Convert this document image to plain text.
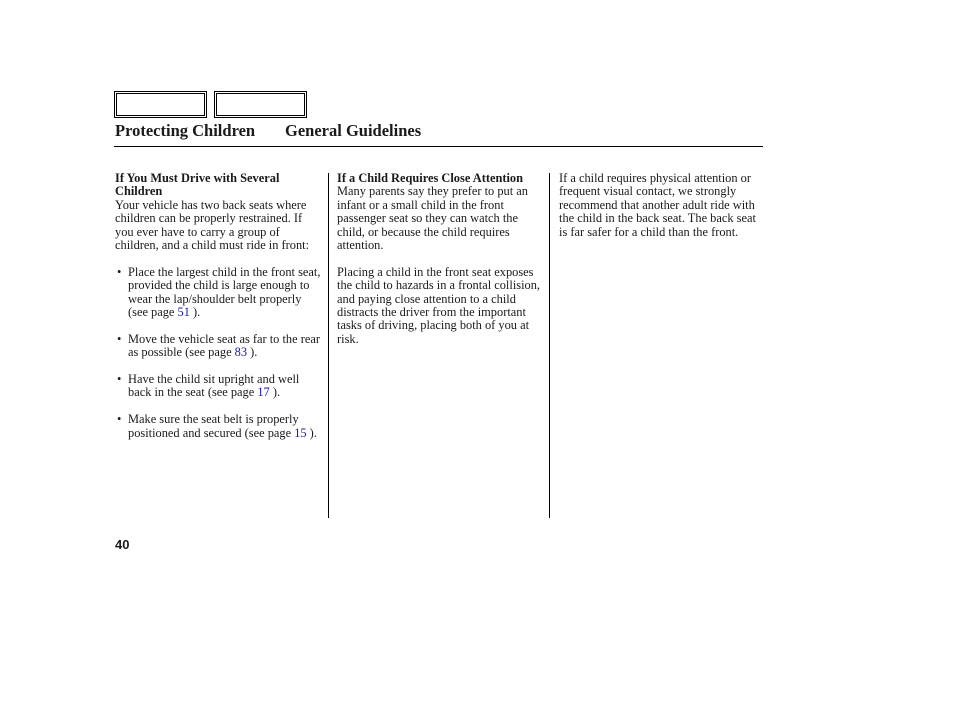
Protecting Children General Guidelines

If You Must Drive with Several Children

Your vehicle has two back seats where children can be properly restrained. If you ever have to carry a group of children, and a child must ride in front:

• Place the largest child in the front seat, provided the child is large enough to wear the lap/shoulder belt properly (see page 51 ).
• Move the vehicle seat as far to the rear as possible (see page 83 ).
• Have the child sit upright and well back in the seat (see page 17 ).
• Make sure the seat belt is properly positioned and secured (see page 15 ).

If a Child Requires Close Attention

Many parents say they prefer to put an infant or a small child in the front passenger seat so they can watch the child, or because the child requires attention.

Placing a child in the front seat exposes the child to hazards in a frontal collision, and paying close attention to a child distracts the driver from the important tasks of driving, placing both of you at risk.

If a child requires physical attention or frequent visual contact, we strongly recommend that another adult ride with the child in the back seat. The back seat is far safer for a child than the front.

40
